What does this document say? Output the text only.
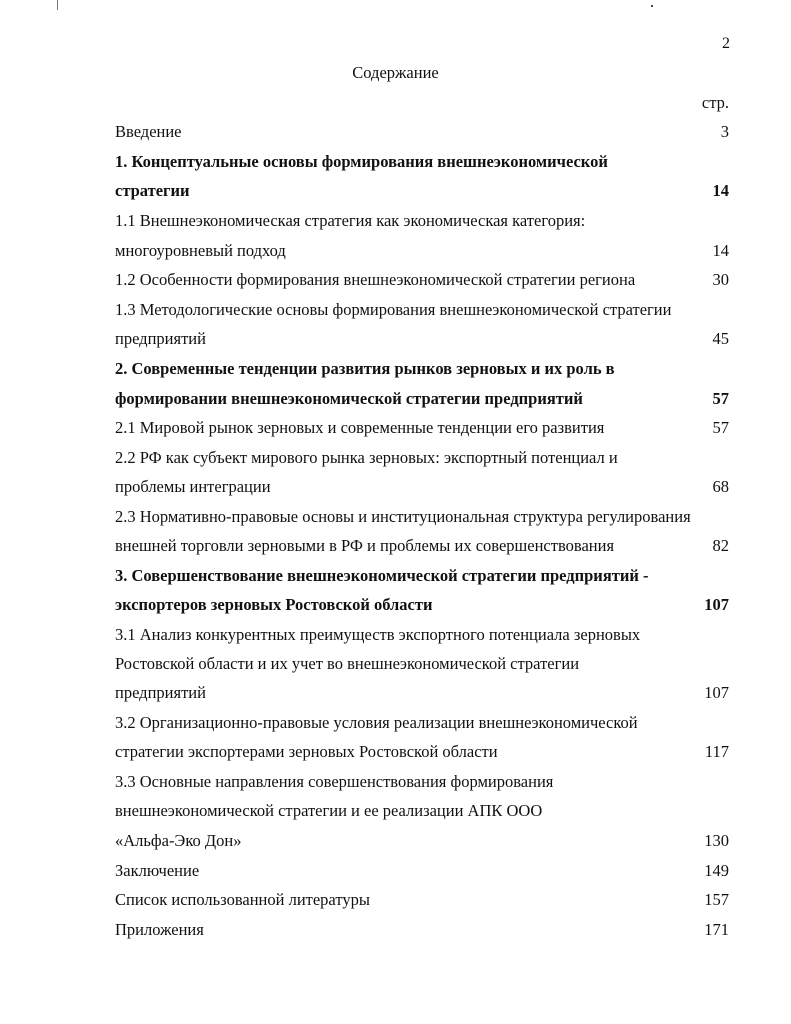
2
Содержание
стр.
Введение	3
1. Концептуальные основы формирования внешнеэкономической
стратегии	14
1.1 Внешнеэкономическая стратегия как экономическая категория:
многоуровневый подход	14
1.2 Особенности формирования внешнеэкономической стратегии региона	30
1.3 Методологические основы формирования внешнеэкономической стратегии
предприятий	45
2. Современные тенденции развития рынков зерновых и их роль в
формировании внешнеэкономической стратегии предприятий	57
2.1 Мировой рынок зерновых и современные тенденции его развития	57
2.2 РФ как субъект мирового рынка зерновых: экспортный потенциал и
проблемы интеграции	68
2.3 Нормативно-правовые основы и институциональная структура регулирования
внешней торговли зерновыми в РФ и проблемы их совершенствования	82
3. Совершенствование внешнеэкономической стратегии предприятий -
экспортеров зерновых Ростовской области	107
3.1 Анализ конкурентных преимуществ экспортного потенциала зерновых
Ростовской области и их учет во внешнеэкономической стратегии
предприятий	107
3.2 Организационно-правовые условия реализации внешнеэкономической
стратегии экспортерами зерновых Ростовской области	117
3.3 Основные направления совершенствования формирования
внешнеэкономической стратегии и ее реализации АПК ООО
«Альфа-Эко Дон»	130
Заключение	149
Список использованной литературы	157
Приложения	171
